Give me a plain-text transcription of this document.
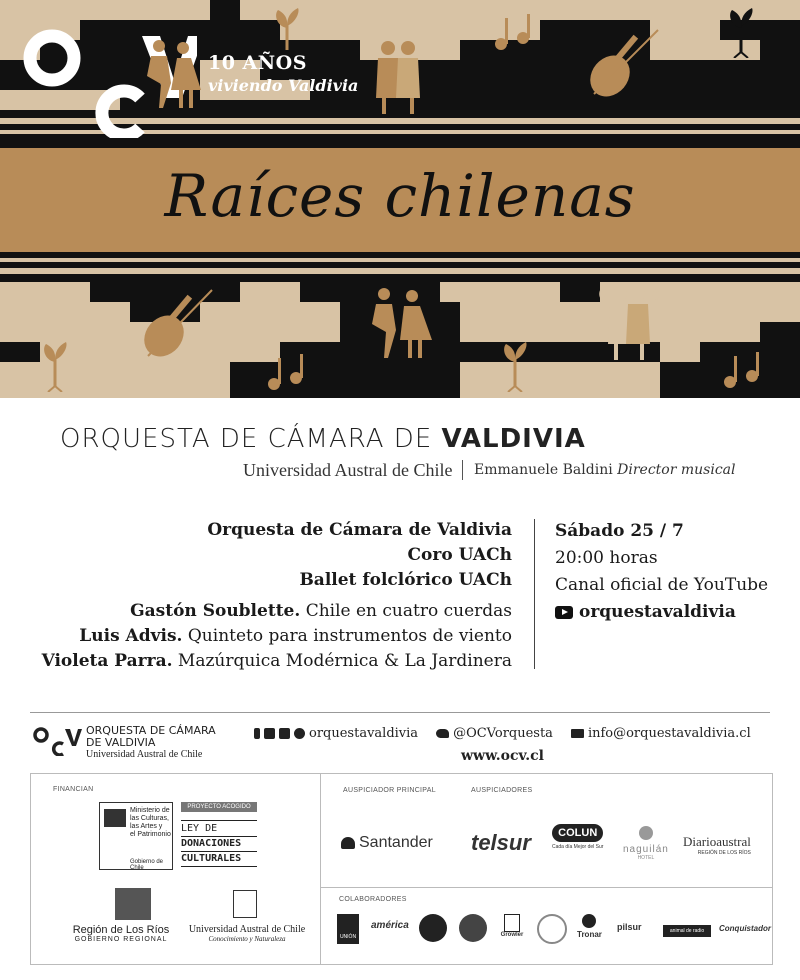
10 AÑOS
viviendo Valdivia
Raíces chilenas
ORQUESTA DE CÁMARA DE VALDIVIA
Universidad Austral de Chile Emmanuele Baldini Director musical
Orquesta de Cámara de Valdivia
Coro UACh
Ballet folclórico UACh
Gastón Soublette. Chile en cuatro cuerdas
Luis Advis. Quinteto para instrumentos de viento
Violeta Parra. Mazúrquica Modérnica & La Jardinera
Sábado 25 / 7
20:00 horas
Canal oficial de YouTube
orquestavaldivia
ORQUESTA DE CÁMARA
DE VALDIVIA
Universidad Austral de Chile
orquestavaldivia	@OCVorquesta	info@orquestavaldivia.cl
www.ocv.cl
FINANCIAN
Ministerio de
las Culturas,
las Artes y
el Patrimonio
Gobierno de Chile
PROYECTO ACOGIDO
LEY DE
DONACIONES
CULTURALES
Región de Los Ríos
GOBIERNO REGIONAL
Universidad Austral de Chile
Conocimiento y Naturaleza
AUSPICIADOR PRINCIPAL	AUSPICIADORES
Santander telsur	COLUN
Cada día Mejor del Sur naguilán
HOTEL
Diarioaustral
REGIÓN DE LOS RÍOS
COLABORADORES
UNIÓN
américa
Growler	Tronar
pilsur	animal de radio	Conquistador
